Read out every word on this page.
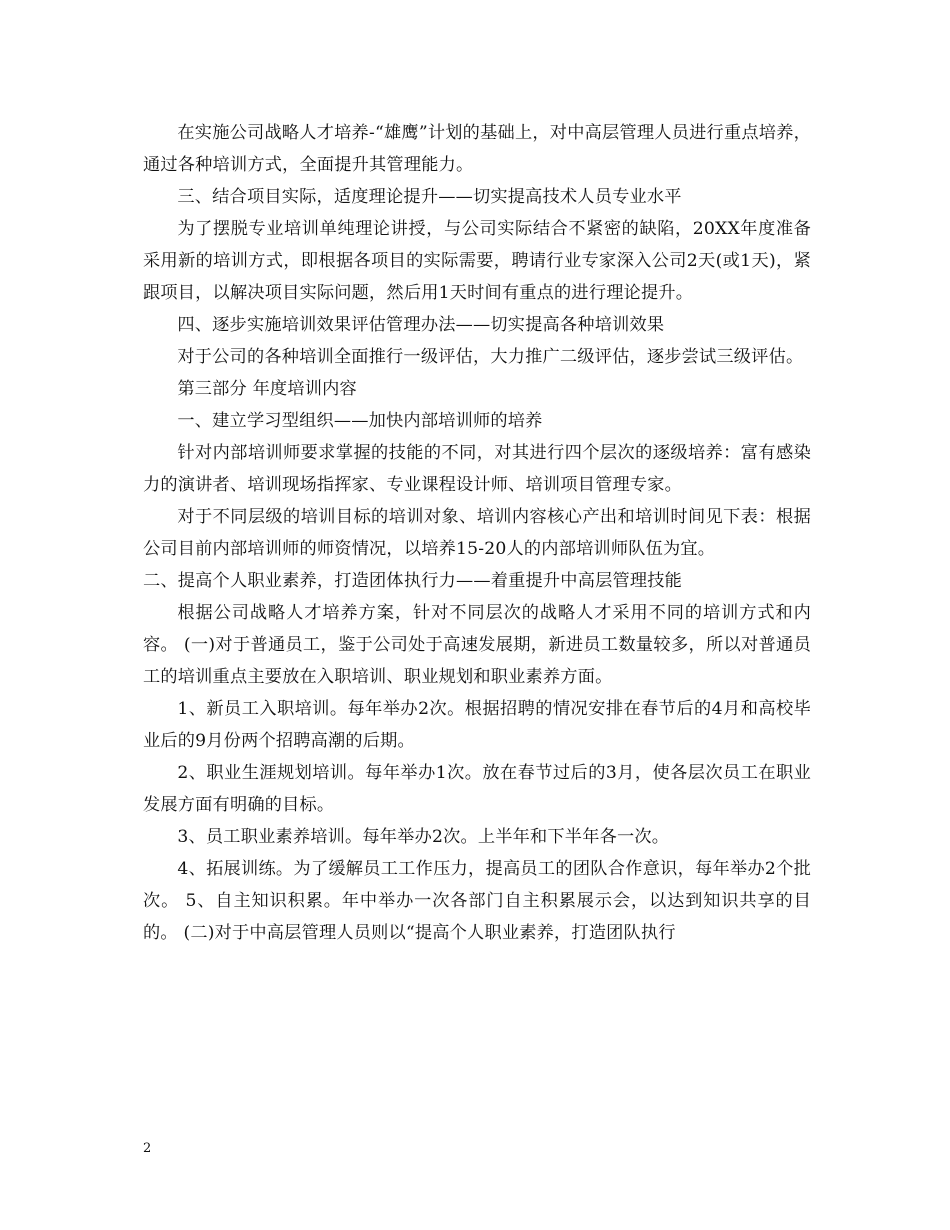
在实施公司战略人才培养-“雄鹰”计划的基础上，对中高层管理人员进行重点培养，通过各种培训方式，全面提升其管理能力。

三、结合项目实际，适度理论提升——切实提高技术人员专业水平

为了摆脱专业培训单纯理论讲授，与公司实际结合不紧密的缺陷，20XX年度准备采用新的培训方式，即根据各项目的实际需要，聘请行业专家深入公司2天(或1天)，紧跟项目，以解决项目实际问题，然后用1天时间有重点的进行理论提升。

四、逐步实施培训效果评估管理办法——切实提高各种培训效果

对于公司的各种培训全面推行一级评估，大力推广二级评估，逐步尝试三级评估。

第三部分 年度培训内容

一、建立学习型组织——加快内部培训师的培养

针对内部培训师要求掌握的技能的不同，对其进行四个层次的逐级培养：富有感染力的演讲者、培训现场指挥家、专业课程设计师、培训项目管理专家。

对于不同层级的培训目标的培训对象、培训内容核心产出和培训时间见下表：根据公司目前内部培训师的师资情况，以培养15-20人的内部培训师队伍为宜。

二、提高个人职业素养，打造团体执行力——着重提升中高层管理技能

根据公司战略人才培养方案，针对不同层次的战略人才采用不同的培训方式和内容。 (一)对于普通员工，鉴于公司处于高速发展期，新进员工数量较多，所以对普通员工的培训重点主要放在入职培训、职业规划和职业素养方面。

1、新员工入职培训。每年举办2次。根据招聘的情况安排在春节后的4月和高校毕业后的9月份两个招聘高潮的后期。

2、职业生涯规划培训。每年举办1次。放在春节过后的3月，使各层次员工在职业发展方面有明确的目标。

3、员工职业素养培训。每年举办2次。上半年和下半年各一次。

4、拓展训练。为了缓解员工工作压力，提高员工的团队合作意识，每年举办2个批次。 5、自主知识积累。年中举办一次各部门自主积累展示会，以达到知识共享的目的。 (二)对于中高层管理人员则以“提高个人职业素养，打造团队执行

2
